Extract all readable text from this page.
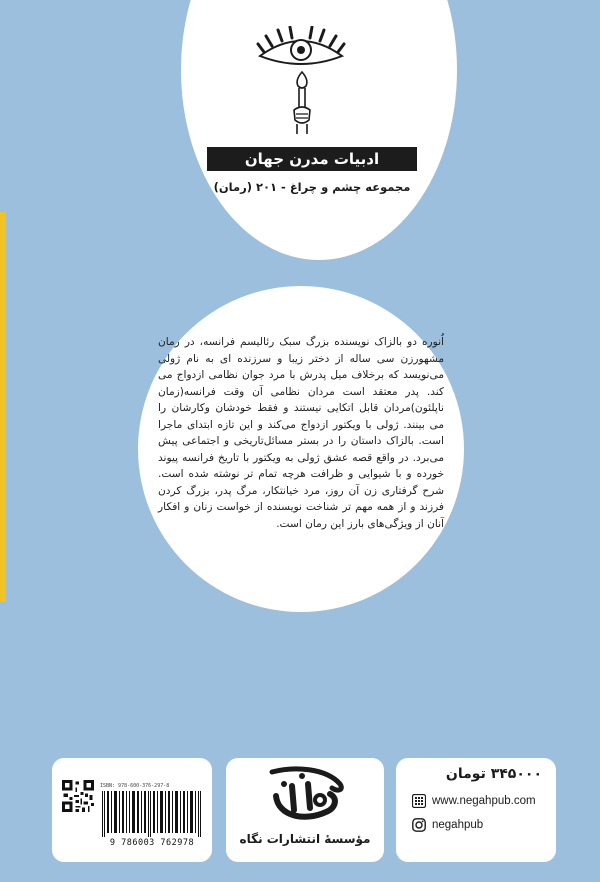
ادبیات مدرن جهان
مجموعه چشم و چراغ - ۲۰۱ (رمان)
اُنوره دو بالزاک نویسنده بزرگ سبک رئالیسم فرانسه، در رمان مشهورزن سی ساله از دختر زیبا و سرزنده ای به نام ژولی می‌نویسد که برخلاف میل پدرش با مرد جوان نظامی ازدواج می کند. پدر معتقد است مردان نظامی آن وقت فرانسه(زمان ناپلئون)مردان قابل اتکایی نیستند و فقط خودشان وکارشان را می بینند. ژولی با ویکتور ازدواج می‌کند و این تازه ابتدای ماجرا است. بالزاک داستان را در بستر مسائل‌تاریخی و اجتماعی پیش می‌برد. در واقع قصه عشق ژولی به ویکتور با تاریخ فرانسه پیوند خورده و با شیوایی و ظرافت هرچه تمام تر نوشته شده است. شرح گرفتاری زن آن روز، مرد خیانتکار، مرگ پدر، بزرگ کردن فرزند و از همه مهم تر شناخت نویسنده از خواست زنان و افکار آنان از ویژگی‌های بارز این رمان است.
ISBN: 978-600-376-297-8
9 786003 762978	مؤسسهٔ انتشارات نگاه
۳۴۵۰۰۰ تومان
www.negahpub.com
negahpub
